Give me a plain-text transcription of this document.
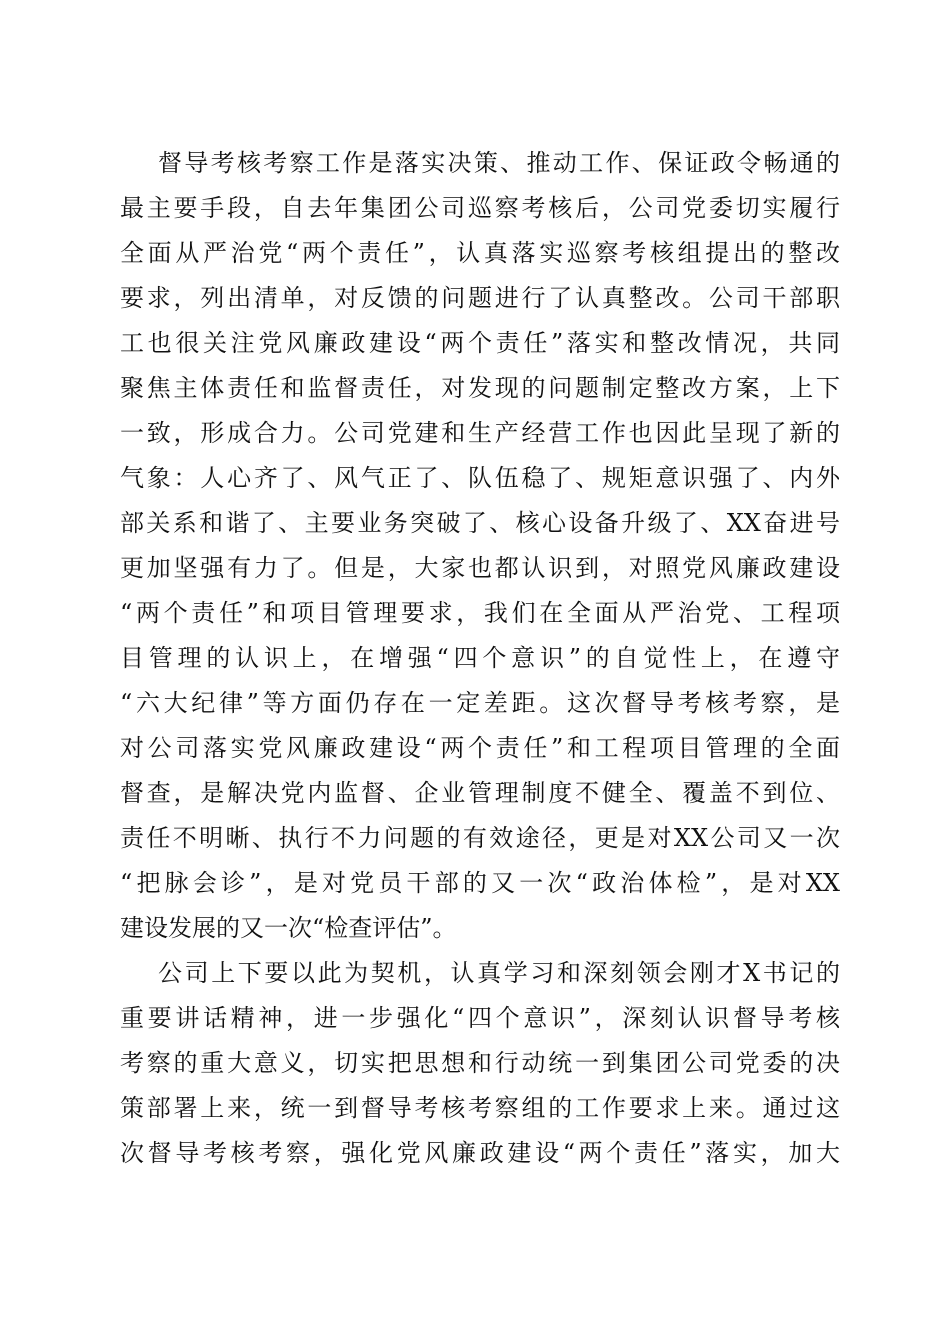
督导考核考察工作是落实决策、推动工作、保证政令畅通的
最主要手段，自去年集团公司巡察考核后，公司党委切实履行
全面从严治党“两个责任”，认真落实巡察考核组提出的整改
要求，列出清单，对反馈的问题进行了认真整改。公司干部职
工也很关注党风廉政建设“两个责任”落实和整改情况，共同
聚焦主体责任和监督责任，对发现的问题制定整改方案，上下
一致，形成合力。公司党建和生产经营工作也因此呈现了新的
气象：人心齐了、风气正了、队伍稳了、规矩意识强了、内外
部关系和谐了、主要业务突破了、核心设备升级了、XX奋进号
更加坚强有力了。但是，大家也都认识到，对照党风廉政建设
“两个责任”和项目管理要求，我们在全面从严治党、工程项
目管理的认识上，在增强“四个意识”的自觉性上，在遵守
“六大纪律”等方面仍存在一定差距。这次督导考核考察，是
对公司落实党风廉政建设“两个责任”和工程项目管理的全面
督查，是解决党内监督、企业管理制度不健全、覆盖不到位、
责任不明晰、执行不力问题的有效途径，更是对XX公司又一次
“把脉会诊”，是对党员干部的又一次“政治体检”，是对XX
建设发展的又一次“检查评估”。
公司上下要以此为契机，认真学习和深刻领会刚才X书记的
重要讲话精神，进一步强化“四个意识”，深刻认识督导考核
考察的重大意义，切实把思想和行动统一到集团公司党委的决
策部署上来，统一到督导考核考察组的工作要求上来。通过这
次督导考核考察，强化党风廉政建设“两个责任”落实，加大
